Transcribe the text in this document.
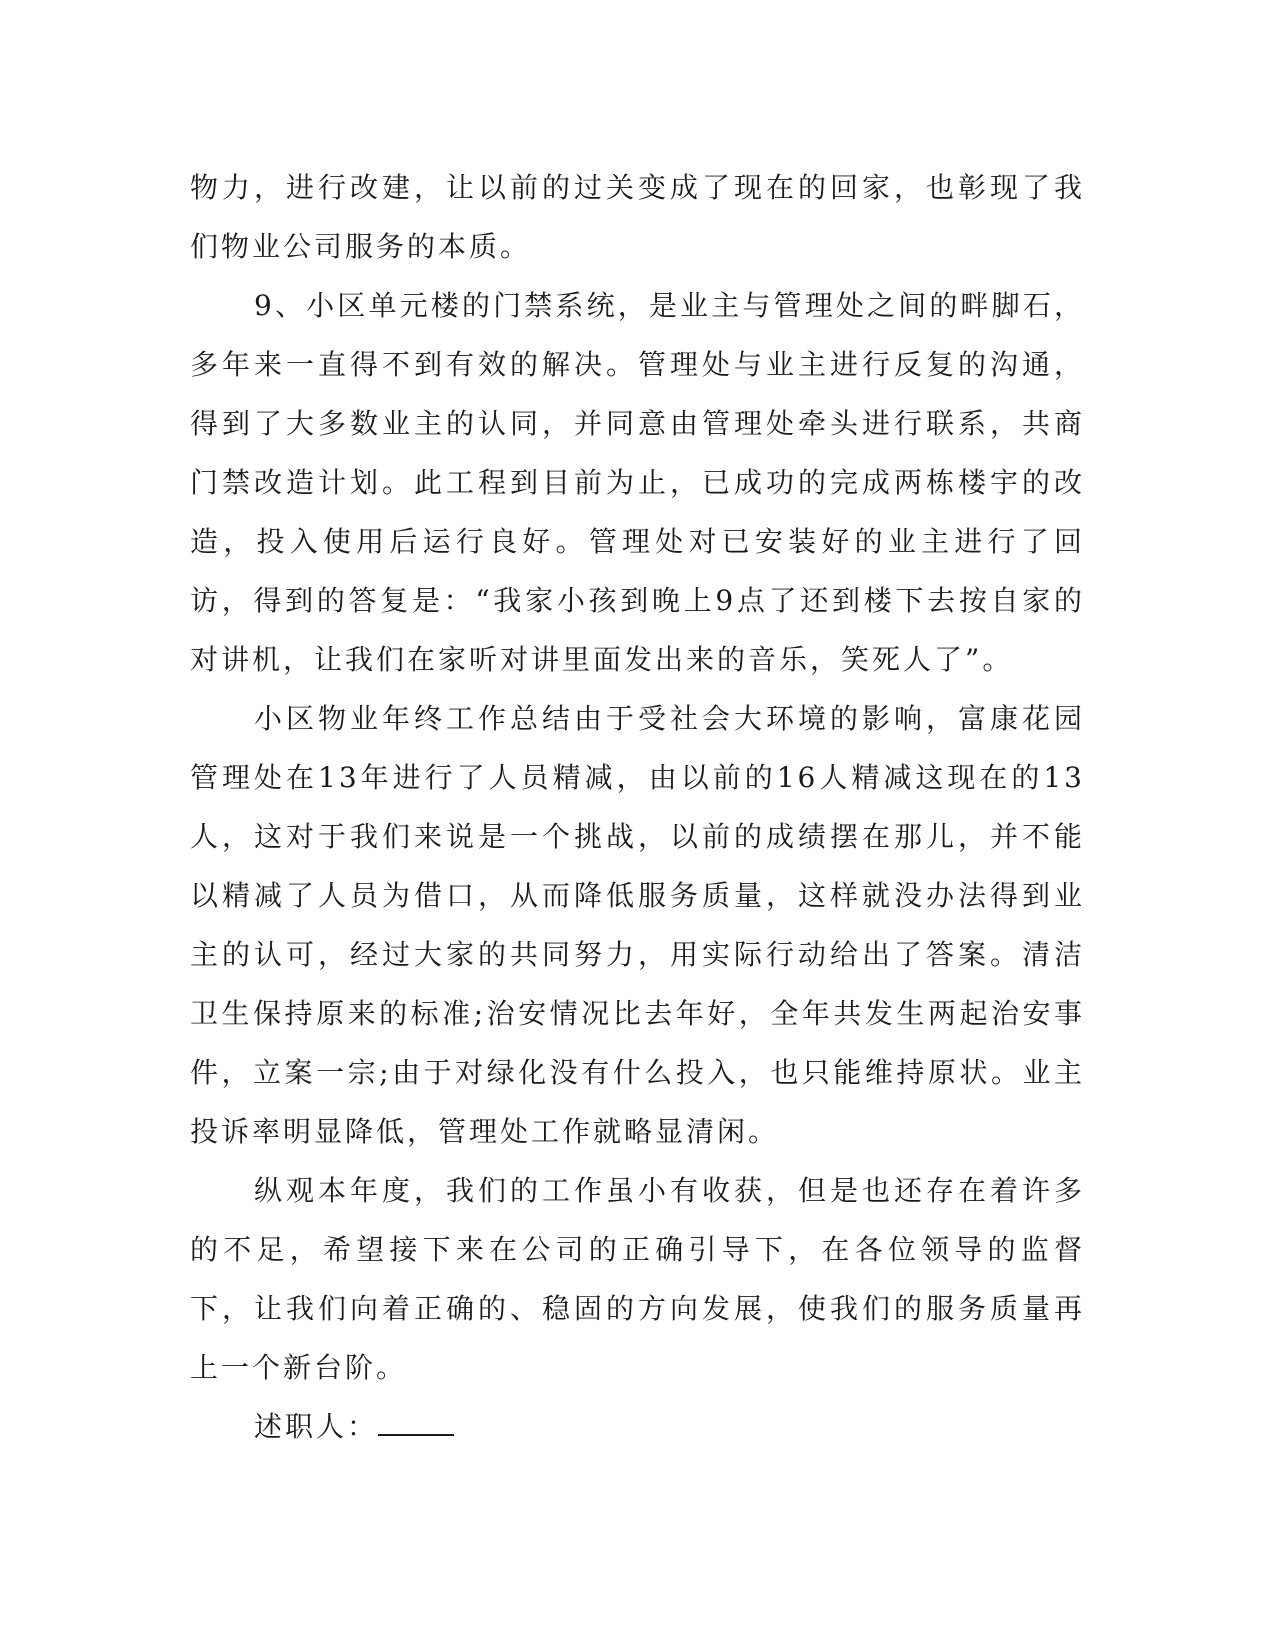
物力，进行改建，让以前的过关变成了现在的回家，也彰现了我们物业公司服务的本质。

9、小区单元楼的门禁系统，是业主与管理处之间的畔脚石，多年来一直得不到有效的解决。管理处与业主进行反复的沟通，得到了大多数业主的认同，并同意由管理处牵头进行联系，共商门禁改造计划。此工程到目前为止，已成功的完成两栋楼宇的改造，投入使用后运行良好。管理处对已安装好的业主进行了回访，得到的答复是：“我家小孩到晚上9点了还到楼下去按自家的对讲机，让我们在家听对讲里面发出来的音乐，笑死人了”。

小区物业年终工作总结由于受社会大环境的影响，富康花园管理处在13年进行了人员精减，由以前的16人精减这现在的13人，这对于我们来说是一个挑战，以前的成绩摆在那儿，并不能以精减了人员为借口，从而降低服务质量，这样就没办法得到业主的认可，经过大家的共同努力，用实际行动给出了答案。清洁卫生保持原来的标准;治安情况比去年好，全年共发生两起治安事件，立案一宗;由于对绿化没有什么投入，也只能维持原状。业主投诉率明显降低，管理处工作就略显清闲。

纵观本年度，我们的工作虽小有收获，但是也还存在着许多的不足，希望接下来在公司的正确引导下，在各位领导的监督下，让我们向着正确的、稳固的方向发展，使我们的服务质量再上一个新台阶。

述职人：
